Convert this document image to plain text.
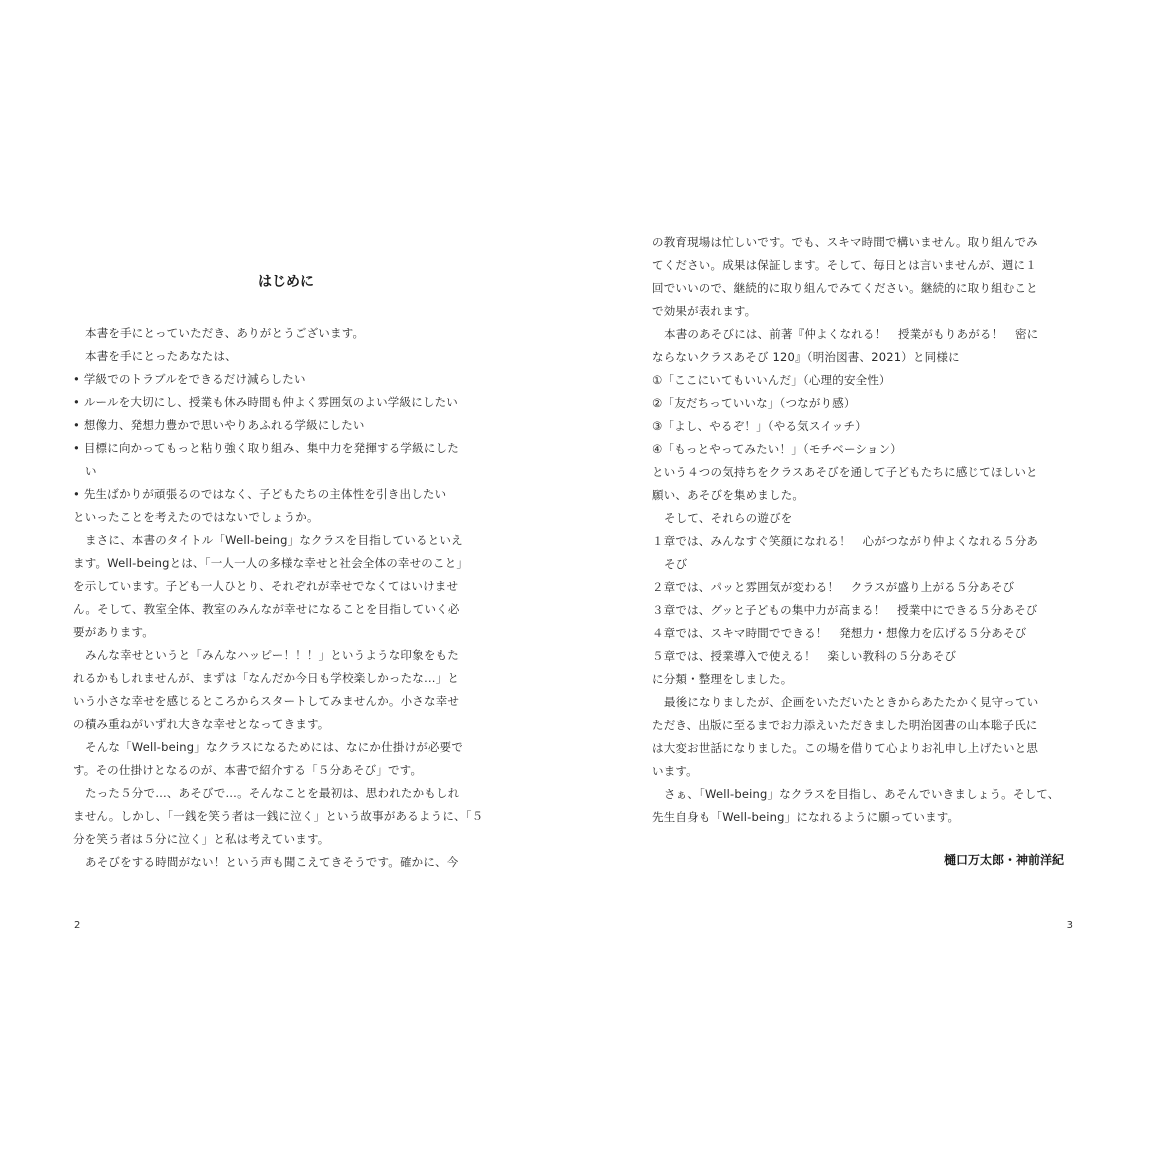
はじめに
本書を手にとっていただき、ありがとうございます。
本書を手にとったあなたは、
• 学級でのトラブルをできるだけ減らしたい
• ルールを大切にし、授業も休み時間も仲よく雰囲気のよい学級にしたい
• 想像力、発想力豊かで思いやりあふれる学級にしたい
• 目標に向かってもっと粘り強く取り組み、集中力を発揮する学級にした
い
• 先生ばかりが頑張るのではなく、子どもたちの主体性を引き出したい
といったことを考えたのではないでしょうか。
まさに、本書のタイトル「Well-being」なクラスを目指しているといえ
ます。Well-beingとは、「一人一人の多様な幸せと社会全体の幸せのこと」
を示しています。子ども一人ひとり、それぞれが幸せでなくてはいけませ
ん。そして、教室全体、教室のみんなが幸せになることを目指していく必
要があります。
みんな幸せというと「みんなハッピー！！！」というような印象をもた
れるかもしれませんが、まずは「なんだか今日も学校楽しかったな…」と
いう小さな幸せを感じるところからスタートしてみませんか。小さな幸せ
の積み重ねがいずれ大きな幸せとなってきます。
そんな「Well-being」なクラスになるためには、なにか仕掛けが必要で
す。その仕掛けとなるのが、本書で紹介する「５分あそび」です。
たった５分で…、あそびで…。そんなことを最初は、思われたかもしれ
ません。しかし、「一銭を笑う者は一銭に泣く」という故事があるように、「５
分を笑う者は５分に泣く」と私は考えています。
あそびをする時間がない！という声も聞こえてきそうです。確かに、今
2
の教育現場は忙しいです。でも、スキマ時間で構いません。取り組んでみ
てください。成果は保証します。そして、毎日とは言いませんが、週に１
回でいいので、継続的に取り組んでみてください。継続的に取り組むこと
で効果が表れます。
本書のあそびには、前著『仲よくなれる！　授業がもりあがる！　密に
ならないクラスあそび 120』（明治図書、2021）と同様に
①「ここにいてもいいんだ」（心理的安全性）
②「友だちっていいな」（つながり感）
③「よし、やるぞ！」（やる気スイッチ）
④「もっとやってみたい！」（モチベーション）
という４つの気持ちをクラスあそびを通して子どもたちに感じてほしいと
願い、あそびを集めました。
そして、それらの遊びを
１章では、みんなすぐ笑顔になれる！　心がつながり仲よくなれる５分あ
そび
２章では、パッと雰囲気が変わる！　クラスが盛り上がる５分あそび
３章では、グッと子どもの集中力が高まる！　授業中にできる５分あそび
４章では、スキマ時間でできる！　発想力・想像力を広げる５分あそび
５章では、授業導入で使える！　楽しい教科の５分あそび
に分類・整理をしました。
最後になりましたが、企画をいただいたときからあたたかく見守ってい
ただき、出版に至るまでお力添えいただきました明治図書の山本聡子氏に
は大変お世話になりました。この場を借りて心よりお礼申し上げたいと思
います。
さぁ、「Well-being」なクラスを目指し、あそんでいきましょう。そして、
先生自身も「Well-being」になれるように願っています。
樋口万太郎・神前洋紀
3
